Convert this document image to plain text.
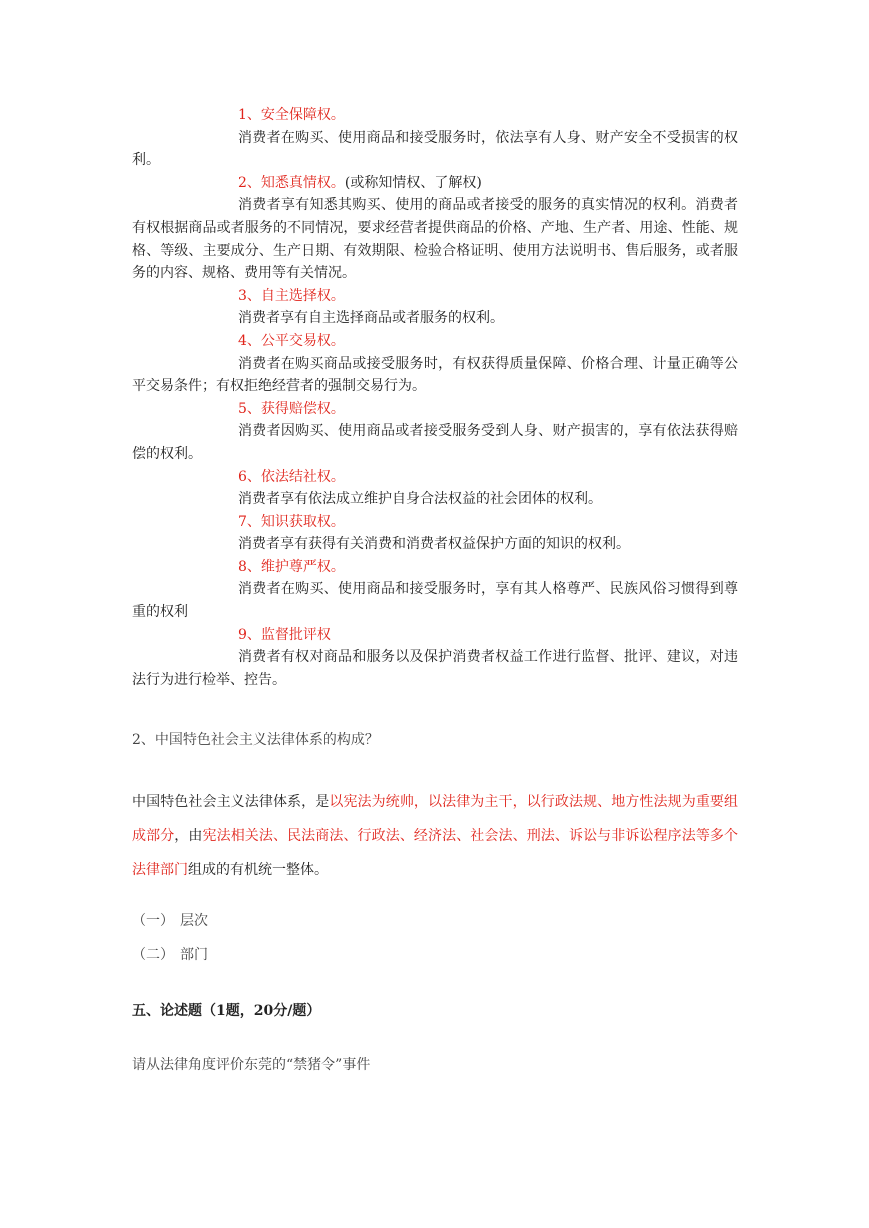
1、安全保障权。
消费者在购买、使用商品和接受服务时，依法享有人身、财产安全不受损害的权利。
2、知悉真情权。(或称知情权、了解权)
消费者享有知悉其购买、使用的商品或者接受的服务的真实情况的权利。消费者有权根据商品或者服务的不同情况，要求经营者提供商品的价格、产地、生产者、用途、性能、规格、等级、主要成分、生产日期、有效期限、检验合格证明、使用方法说明书、售后服务，或者服务的内容、规格、费用等有关情况。
3、自主选择权。
消费者享有自主选择商品或者服务的权利。
4、公平交易权。
消费者在购买商品或接受服务时，有权获得质量保障、价格合理、计量正确等公平交易条件；有权拒绝经营者的强制交易行为。
5、获得赔偿权。
消费者因购买、使用商品或者接受服务受到人身、财产损害的，享有依法获得赔偿的权利。
6、依法结社权。
消费者享有依法成立维护自身合法权益的社会团体的权利。
7、知识获取权。
消费者享有获得有关消费和消费者权益保护方面的知识的权利。
8、维护尊严权。
消费者在购买、使用商品和接受服务时，享有其人格尊严、民族风俗习惯得到尊重的权利
9、监督批评权
消费者有权对商品和服务以及保护消费者权益工作进行监督、批评、建议，对违法行为进行检举、控告。
2、中国特色社会主义法律体系的构成？
中国特色社会主义法律体系，是以宪法为统帅，以法律为主干，以行政法规、地方性法规为重要组成部分，由宪法相关法、民法商法、行政法、经济法、社会法、刑法、诉讼与非诉讼程序法等多个法律部门组成的有机统一整体。
（一） 层次
（二） 部门
五、论述题（1题，20分/题）
请从法律角度评价东莞的“禁猪令”事件
